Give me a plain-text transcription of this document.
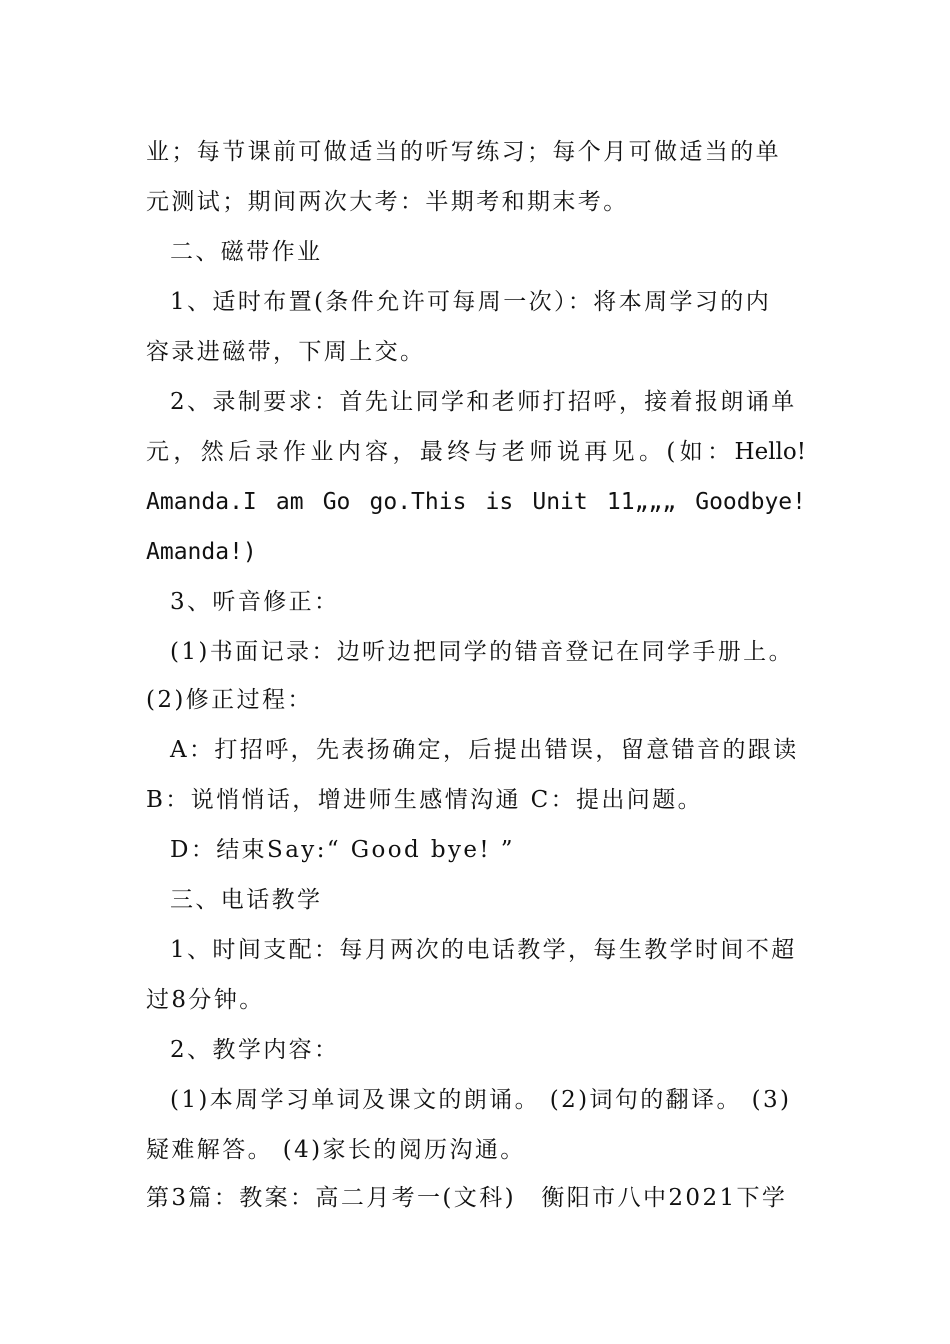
业；每节课前可做适当的听写练习；每个月可做适当的单
元测试；期间两次大考：半期考和期末考。
二、磁带作业
1、适时布置(条件允许可每周一次）：将本周学习的内
容录进磁带，下周上交。
2、录制要求：首先让同学和老师打招呼，接着报朗诵单
元，然后录作业内容，最终与老师说再见。(如：Hello!
Amanda.I am Go go.This is Unit 11„„„ Goodbye!
Amanda!)
3、听音修正：
(1)书面记录：边听边把同学的错音登记在同学手册上。
(2)修正过程：
A：打招呼，先表扬确定，后提出错误，留意错音的跟读
B：说悄悄话，增进师生感情沟通 C：提出问题。
D：结束Say:“ Good bye! ”
三、电话教学
1、时间支配：每月两次的电话教学，每生教学时间不超
过8分钟。
2、教学内容：
(1)本周学习单词及课文的朗诵。 (2)词句的翻译。 (3)
疑难解答。 (4)家长的阅历沟通。
第3篇：教案：高二月考一(文科)　衡阳市八中2021下学
